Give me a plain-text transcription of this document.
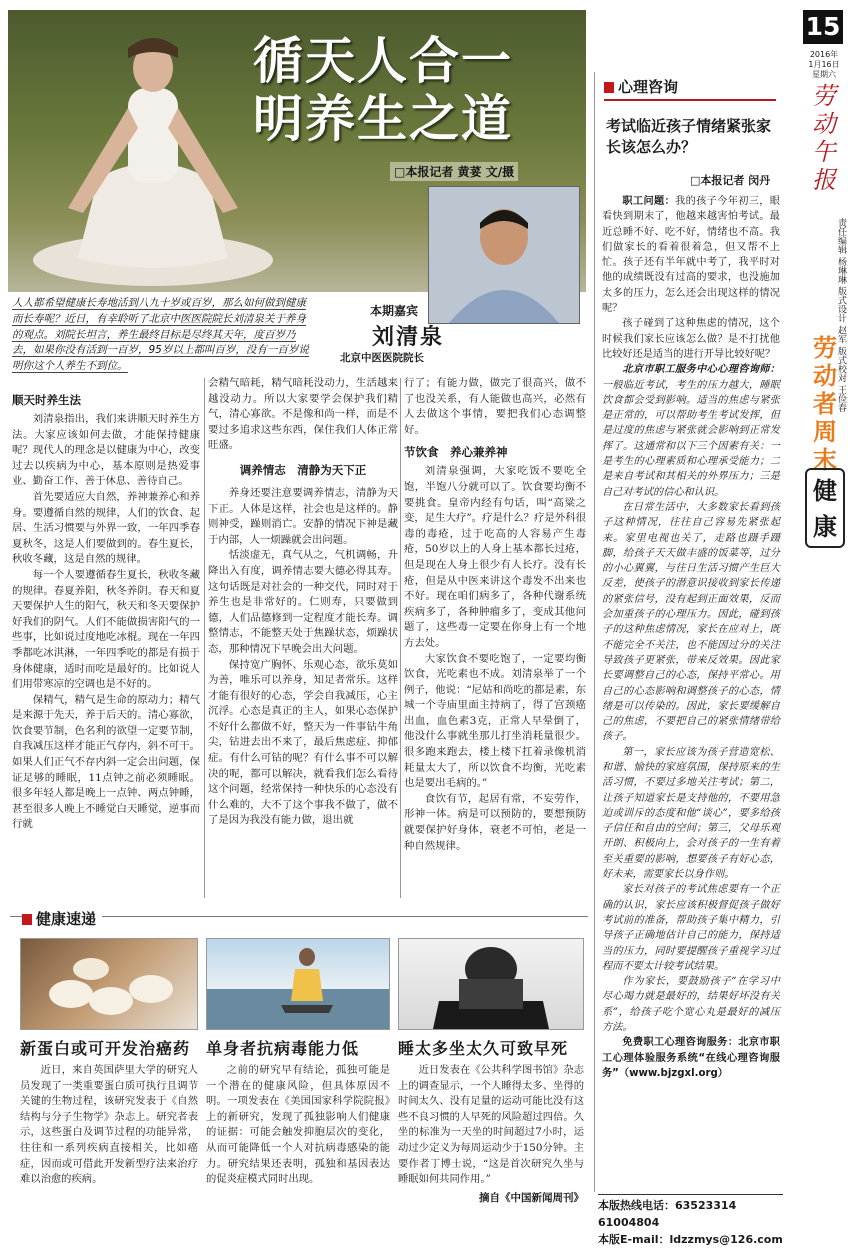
循天人合一
明养生之道
□本报记者 黄荽 文/摄
本期嘉宾
刘清泉
北京中医医院院长
人人都希望健康长寿地活到八九十岁或百岁，那么如何做到健康而长寿呢？近日，有幸聆听了北京中医医院院长刘清泉关于养身的观点。刘院长坦言，养生最终目标是尽终其天年，度百岁乃去，如果你没有活到一百岁，95岁以上都叫百岁，没有一百岁说明你这个人养生不到位。
顺天时养生法

刘清泉指出，我们来讲顺天时养生方法。大家应该如何去做，才能保持健康呢？现代人的理念是以健康为中心，改变过去以疾病为中心，基本原则是热爱事业、勤奋工作、善于休息、善待自己。

首先要适应大自然，养神兼养心和养身。要遵循自然的规律，人们的饮食、起居、生活习惯要与外界一致，一年四季春夏秋冬，这是人们要做到的。春生夏长，秋收冬藏，这是自然的规律。

每一个人要遵循春生夏长，秋收冬藏的规律。春夏养阳，秋冬养阴。春天和夏天要保护人生的阳气，秋天和冬天要保护好我们的阴气。人们不能做损害阳气的一些事，比如说过度地吃冰棍。现在一年四季都吃冰淇淋，一年四季吃的都是有损于身体健康，适时而吃是最好的。比如说人们用带寒凉的空调也是不好的。

保精气，精气是生命的原动力；精气是来源于先天，养于后天的。清心寡欲，饮食要节制，色名利的欲望一定要节制，自我减压这样才能正气存内，斜不可干。如果人们正气不存内斜一定会出问题，保证足够的睡眠，11点钟之前必须睡眠。很多年轻人都是晚上一点钟、两点钟睡，甚至很多人晚上不睡觉白天睡觉，逆事而行就

会精气暗耗，精气暗耗没动力，生活越来越没动力。所以大家要学会保护我们精气，清心寡欲。不是像和尚一样，而是不要过多追求这些东西，保住我们人体正常旺盛。

调养情志　清静为天下正

养身还要注意要调养情志，清静为天下正。人体是这样，社会也是这样的。静则神受，躁则消亡。安静的情况下神是藏于内部，人一烦躁就会出问题。

恬淡虚无，真气从之，气机调畅，升降出入有度，调养情志要大德必得其寿。这句话既是对社会的一种交代，同时对于养生也是非常好的。仁则寿，只要做到德，人们品德修到一定程度才能长寿。调整情志，不能整天处于焦躁状态，烦躁状态，那种情况下早晚会出大问题。

保持宽广胸怀、乐观心态，欲乐莫如为善，唯乐可以养身，知足者常乐。这样才能有很好的心态，学会自我减压，心主沉浮。心态是真正的主人，如果心态保护不好什么都做不好，整天为一件事钻牛角尖，钻进去出不来了，最后焦虑症、抑郁症。有什么可钻的呢？有什么事不可以解决的呢，都可以解决，就看我们怎么看待这个问题，经常保持一种快乐的心态没有什么难的，大不了这个事我不做了，做不了是因为我没有能力做，退出就

行了；有能力做，做完了很高兴，做不了也没关系，有人能做也高兴，必然有人去做这个事情，要把我们心态调整好。

节饮食　养心兼养神

刘清泉强调，大家吃饭不要吃全饱，半饱八分就可以了。饮食要均衡不要挑食。皇帝内经有句话，叫“高粱之变，足生大疗”。疗是什么？疗是外科很毒的毒疮，过于吃高的人容易产生毒疮，50岁以上的人身上基本都长过疮，但是现在人身上很少有人长疗。没有长疮，但是从中医来讲这个毒发不出来也不好。现在咱们病多了，各种代谢系统疾病多了，各种肿瘤多了，变成其他问题了，这些毒一定要在你身上有一个地方去处。

大家饮食不要吃饱了，一定要均衡饮食，光吃素也不成。刘清泉举了一个例子，他说：“尼姑和尚吃的都是素，东城一个寺庙里面主持病了，得了宫颈癌出血，血色素3克，正常人早晕倒了，他没什么事就坐那儿打坐消耗量很少。很多跑来跑去，楼上楼下扛着录像机消耗量太大了，所以饮食不均衡，光吃素也是要出毛病的。”

食饮有节，起居有常，不妄劳作，形神一体。病是可以预防的，要想预防就要保护好身体，衰老不可怕，老是一种自然规律。

健康速递
新蛋白或可开发治癌药

近日，来自英国萨里大学的研究人员发现了一类重要蛋白质可执行且调节关键的生物过程，该研究发表于《自然结构与分子生物学》杂志上。研究者表示，这些蛋白及调节过程的功能异常，往往和一系列疾病直接相关，比如癌症，因而或可借此开发新型疗法来治疗难以治愈的疾病。

单身者抗病毒能力低

之前的研究早有结论，孤独可能是一个潜在的健康风险，但具体原因不明。一项发表在《美国国家科学院院报》上的新研究，发现了孤独影响人们健康的证据：可能会触发抑胞层次的变化，从而可能降低一个人对抗病毒感染的能力。研究结果还表明，孤独和基因表达的促炎症模式同时出现。

睡太多坐太久可致早死

近日发表在《公共科学图书馆》杂志上的调查显示，一个人睡得太多、坐得的时间太久、没有足量的运动可能比没有这些不良习惯的人早死的风险超过四倍。久坐的标准为一天坐的时间超过7小时，运动过少定义为每周运动少于150分钟。主要作者丁博士说，“这是首次研究久坐与睡眠如何共同作用。”

摘自《中国新闻周刊》
心理咨询
考试临近孩子情绪紧张家长该怎么办？
□本报记者 闵丹

职工问题：我的孩子今年初三，眼看快到期末了，他越来越害怕考试。最近总睡不好、吃不好，情绪也不高。我们做家长的看着很着急，但又帮不上忙。孩子还有半年就中考了，我平时对他的成绩既没有过高的要求，也没施加太多的压力，怎么还会出现这样的情况呢？

孩子碰到了这种焦虑的情况，这个时候我们家长应该怎么做？是不打扰他比较好还是适当的进行开导比较好呢？

北京市职工服务中心心理咨询师：一般临近考试，考生的压力越大，睡眠饮食都会受到影响。适当的焦虑与紧张是正常的，可以帮助考生考试发挥，但是过度的焦虑与紧张就会影响到正常发挥了。这通常和以下三个因素有关：一是考生的心理素质和心理承受能力；二是来自考试和其相关的外界压力；三是自己对考试的信心和认识。

在日常生活中，大多数家长看到孩子这种情况，往往自己容易先紧张起来。家里电视也关了，走路也蹑手蹑脚，给孩子天天做丰盛的饭菜等，过分的小心翼翼，与往日生活习惯产生巨大反差，使孩子的潜意识接收到家长传递的紧张信号，没有起到正面效果，反而会加重孩子的心理压力。因此，碰到孩子的这种焦虑情况，家长在应对上，既不能完全不关注，也不能因过分的关注导致孩子更紧张，带来反效果。因此家长要调整自己的心态，保持平常心。用自己的心态影响和调整孩子的心态，情绪是可以传染的。因此，家长要缓解自己的焦虑，不要把自己的紧张情绪带给孩子。

第一，家长应该为孩子营造宽松、和谐、愉快的家庭氛围，保持原来的生活习惯，不要过多地关注考试；第二，让孩子知道家长是支持他的，不要用急迫或训斥的态度和他“谈心”，要多给孩子信任和自由的空间；第三，父母乐观开朗、积极向上，会对孩子的一生有着至关重要的影响，想要孩子有好心态，好未来，需要家长以身作则。

家长对孩子的考试焦虑要有一个正确的认识，家长应该积极督促孩子做好考试前的准备，帮助孩子集中精力，引导孩子正确地估计自己的能力，保持适当的压力，同时要提醒孩子重视学习过程而不要太计较考试结果。

作为家长，要鼓励孩子“在学习中尽心竭力就是最好的，结果好坏没有关系”，给孩子吃个宽心丸是最好的减压方法。

免费职工心理咨询服务：北京市职工心理体验服务系统“在线心理咨询服务”（www.bjzgxl.org）

本版热线电话：63523314 61004804
本版E-mail：ldzzmys@126.com
15
2016年
1月16日
星期六
劳动午报
责任编辑 杨琳琳 版式设计 赵军 版式校对 王俭春
劳动者周末
健康
